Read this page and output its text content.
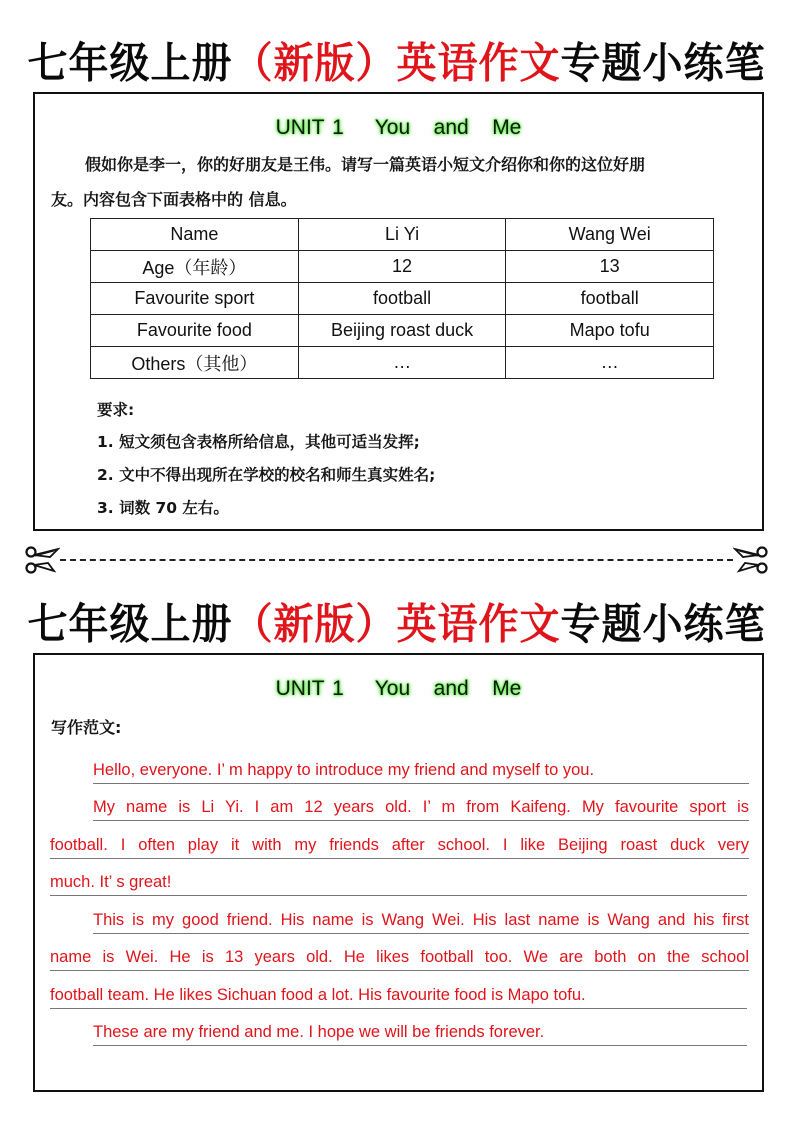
七年级上册（新版）英语作文专题小练笔
UNIT 1    You   and   Me
假如你是李一，你的好朋友是王伟。请写一篇英语小短文介绍你和你的这位好朋
友。内容包含下面表格中的 信息。
Name	Li Yi	Wang Wei
Age（年龄）	12	13
Favourite sport	football	football
Favourite food	Beijing roast duck	Mapo tofu
Others（其他）	…	…
要求:
1. 短文须包含表格所给信息，其他可适当发挥;
2. 文中不得出现所在学校的校名和师生真实姓名;
3. 词数 70 左右。
七年级上册（新版）英语作文专题小练笔
UNIT 1    You   and   Me
写作范文:
Hello, everyone. I’ m happy to introduce my friend and myself to you.
My name is Li Yi. I am 12 years old. I’ m from Kaifeng. My favourite sport is
football. I often play it with my friends after school. I like Beijing roast duck very
much. It’ s great!
This is my good friend. His name is Wang Wei. His last name is Wang and his first
name is Wei. He is 13 years old. He likes football too. We are both on the school
football team. He likes Sichuan food a lot. His favourite food is Mapo tofu.
These are my friend and me. I hope we will be friends forever.
